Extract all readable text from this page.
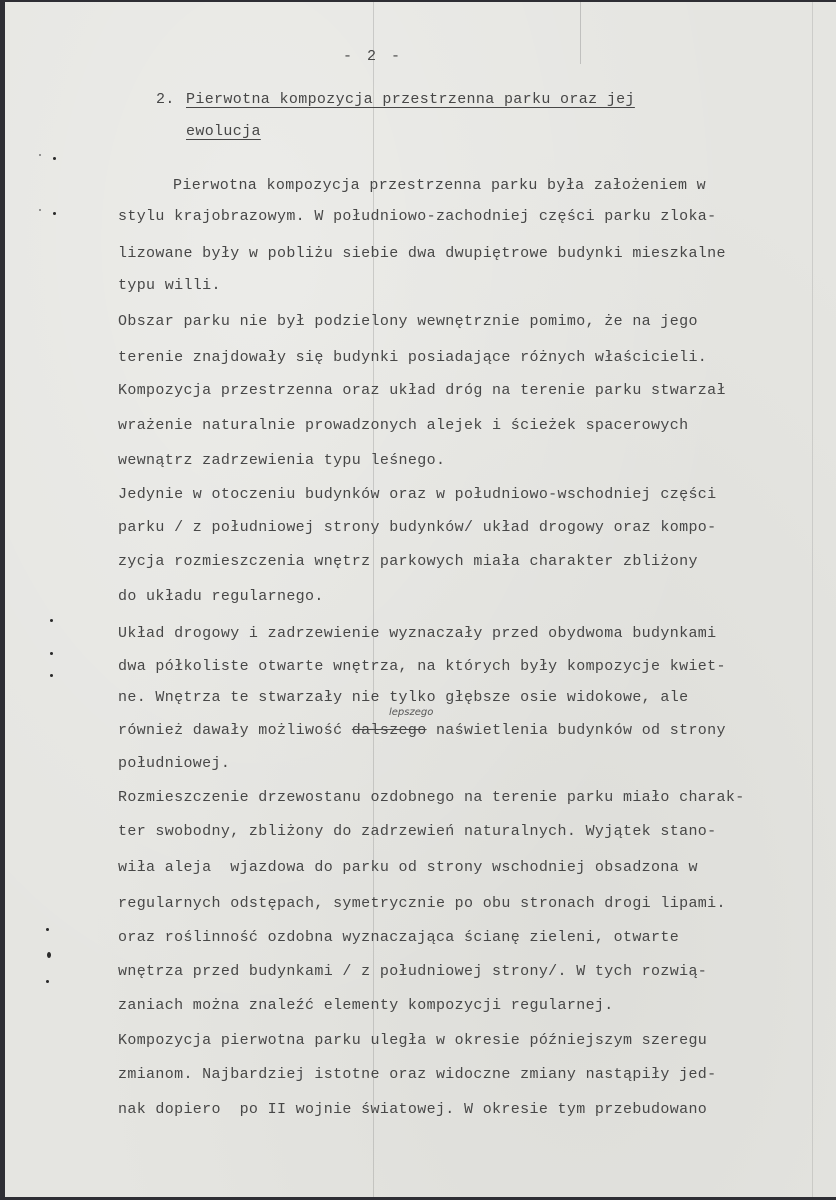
- 2 -

2.

Pierwotna kompozycja przestrzenna parku oraz jej

ewolucja

Pierwotna kompozycja przestrzenna parku była założeniem w

stylu krajobrazowym. W południowo-zachodniej części parku zloka-

lizowane były w pobliżu siebie dwa dwupiętrowe budynki mieszkalne

typu willi.

Obszar parku nie był podzielony wewnętrznie pomimo, że na jego

terenie znajdowały się budynki posiadające różnych właścicieli.

Kompozycja przestrzenna oraz układ dróg na terenie parku stwarzał

wrażenie naturalnie prowadzonych alejek i ścieżek spacerowych

wewnątrz zadrzewienia typu leśnego.

Jedynie w otoczeniu budynków oraz w południowo-wschodniej części

parku / z południowej strony budynków/ układ drogowy oraz kompo-

zycja rozmieszczenia wnętrz parkowych miała charakter zbliżony

do układu regularnego.

Układ drogowy i zadrzewienie wyznaczały przed obydwoma budynkami

dwa półkoliste otwarte wnętrza, na których były kompozycje kwiet-

ne. Wnętrza te stwarzały nie tylko głębsze osie widokowe, ale

również dawały możliwość dalszego naświetlenia budynków od strony

lepszego

południowej.

Rozmieszczenie drzewostanu ozdobnego na terenie parku miało charak-

ter swobodny, zbliżony do zadrzewień naturalnych. Wyjątek stano-

wiła aleja  wjazdowa do parku od strony wschodniej obsadzona w

regularnych odstępach, symetrycznie po obu stronach drogi lipami.

oraz roślinność ozdobna wyznaczająca ścianę zieleni, otwarte

wnętrza przed budynkami / z południowej strony/. W tych rozwią-

zaniach można znaleźć elementy kompozycji regularnej.

Kompozycja pierwotna parku uległa w okresie późniejszym szeregu

zmianom. Najbardziej istotne oraz widoczne zmiany nastąpiły jed-

nak dopiero  po II wojnie światowej. W okresie tym przebudowano
